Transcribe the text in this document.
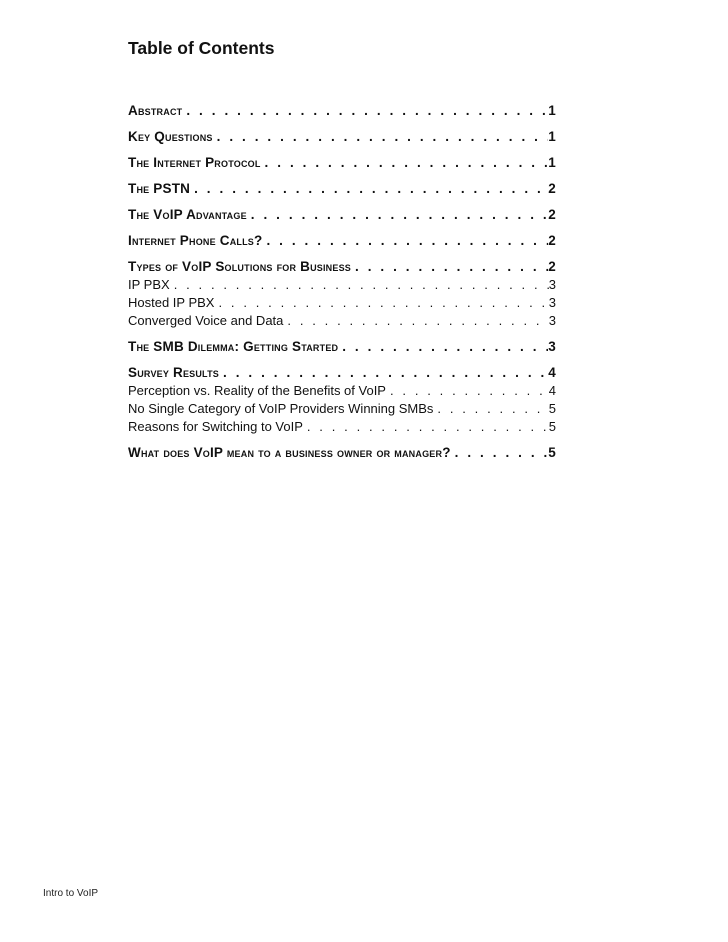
Table of Contents
Abstract . . .	1
Key Questions . . .	1
The Internet Protocol . . .	1
The PSTN . . .	2
The VoIP Advantage . . .	2
Internet Phone Calls? . . .	2
Types of VoIP Solutions for Business . . .	2
IP PBX . . .	3
Hosted IP PBX . . .	3
Converged Voice and Data . . .	3
The SMB Dilemma: Getting Started . . .	3
Survey Results . . .	4
Perception vs. Reality of the Benefits of VoIP . . .	4
No Single Category of VoIP Providers Winning SMBs . . .	5
Reasons for Switching to VoIP . . .	5
What does VoIP mean to a business owner or manager? . . .	5
Intro to VoIP
